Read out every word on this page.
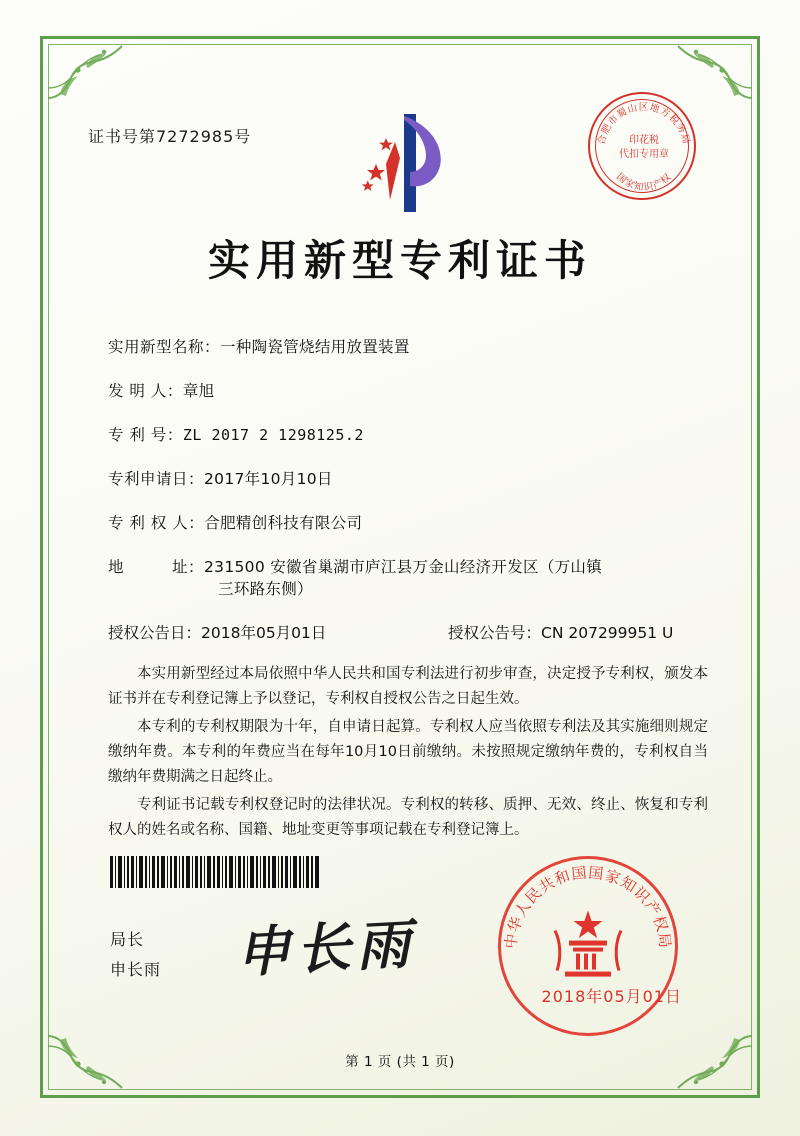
证书号第7272985号	合肥市蜀山区地方税务局
国家知识产权
印花税
代扣专用章
实用新型专利证书
实用新型名称： 一种陶瓷管烧结用放置装置
发 明 人： 章旭
专 利 号： ZL 2017 2 1298125.2
专利申请日： 2017年10月10日
专 利 权 人： 合肥精创科技有限公司
地　　　址： 231500 安徽省巢湖市庐江县万金山经济开发区（万山镇
三环路东侧）
授权公告日：2018年05月01日	授权公告号：CN 207299951 U

本实用新型经过本局依照中华人民共和国专利法进行初步审查，决定授予专利权，颁发本证书并在专利登记簿上予以登记，专利权自授权公告之日起生效。

本专利的专利权期限为十年，自申请日起算。专利权人应当依照专利法及其实施细则规定缴纳年费。本专利的年费应当在每年10月10日前缴纳。未按照规定缴纳年费的，专利权自当缴纳年费期满之日起终止。

专利证书记载专利权登记时的法律状况。专利权的转移、质押、无效、终止、恢复和专利权人的姓名或名称、国籍、地址变更等事项记载在专利登记簿上。

局长
申长雨 申长雨	中华人民共和国国家知识产权局
2018年05月01日
第 1 页 (共 1 页)
